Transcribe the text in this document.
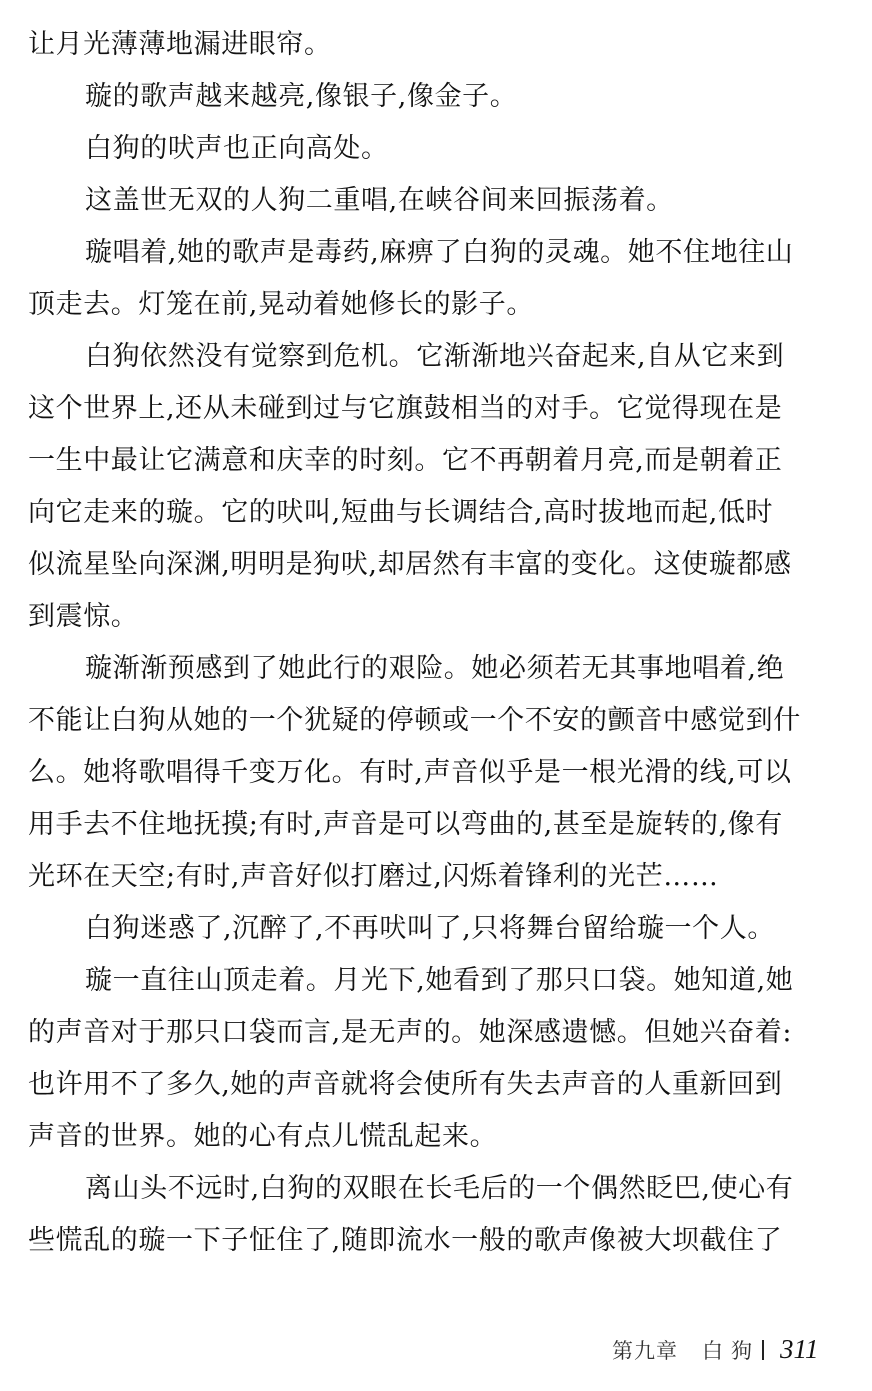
让月光薄薄地漏进眼帘。
璇的歌声越来越亮,像银子,像金子。
白狗的吠声也正向高处。
这盖世无双的人狗二重唱,在峡谷间来回振荡着。
璇唱着,她的歌声是毒药,麻痹了白狗的灵魂。她不住地往山
顶走去。灯笼在前,晃动着她修长的影子。
白狗依然没有觉察到危机。它渐渐地兴奋起来,自从它来到
这个世界上,还从未碰到过与它旗鼓相当的对手。它觉得现在是
一生中最让它满意和庆幸的时刻。它不再朝着月亮,而是朝着正
向它走来的璇。它的吠叫,短曲与长调结合,高时拔地而起,低时
似流星坠向深渊,明明是狗吠,却居然有丰富的变化。这使璇都感
到震惊。
璇渐渐预感到了她此行的艰险。她必须若无其事地唱着,绝
不能让白狗从她的一个犹疑的停顿或一个不安的颤音中感觉到什
么。她将歌唱得千变万化。有时,声音似乎是一根光滑的线,可以
用手去不住地抚摸;有时,声音是可以弯曲的,甚至是旋转的,像有
光环在天空;有时,声音好似打磨过,闪烁着锋利的光芒……
白狗迷惑了,沉醉了,不再吠叫了,只将舞台留给璇一个人。
璇一直往山顶走着。月光下,她看到了那只口袋。她知道,她
的声音对于那只口袋而言,是无声的。她深感遗憾。但她兴奋着:
也许用不了多久,她的声音就将会使所有失去声音的人重新回到
声音的世界。她的心有点儿慌乱起来。
离山头不远时,白狗的双眼在长毛后的一个偶然眨巴,使心有
些慌乱的璇一下子怔住了,随即流水一般的歌声像被大坝截住了
第九章 白狗 311
